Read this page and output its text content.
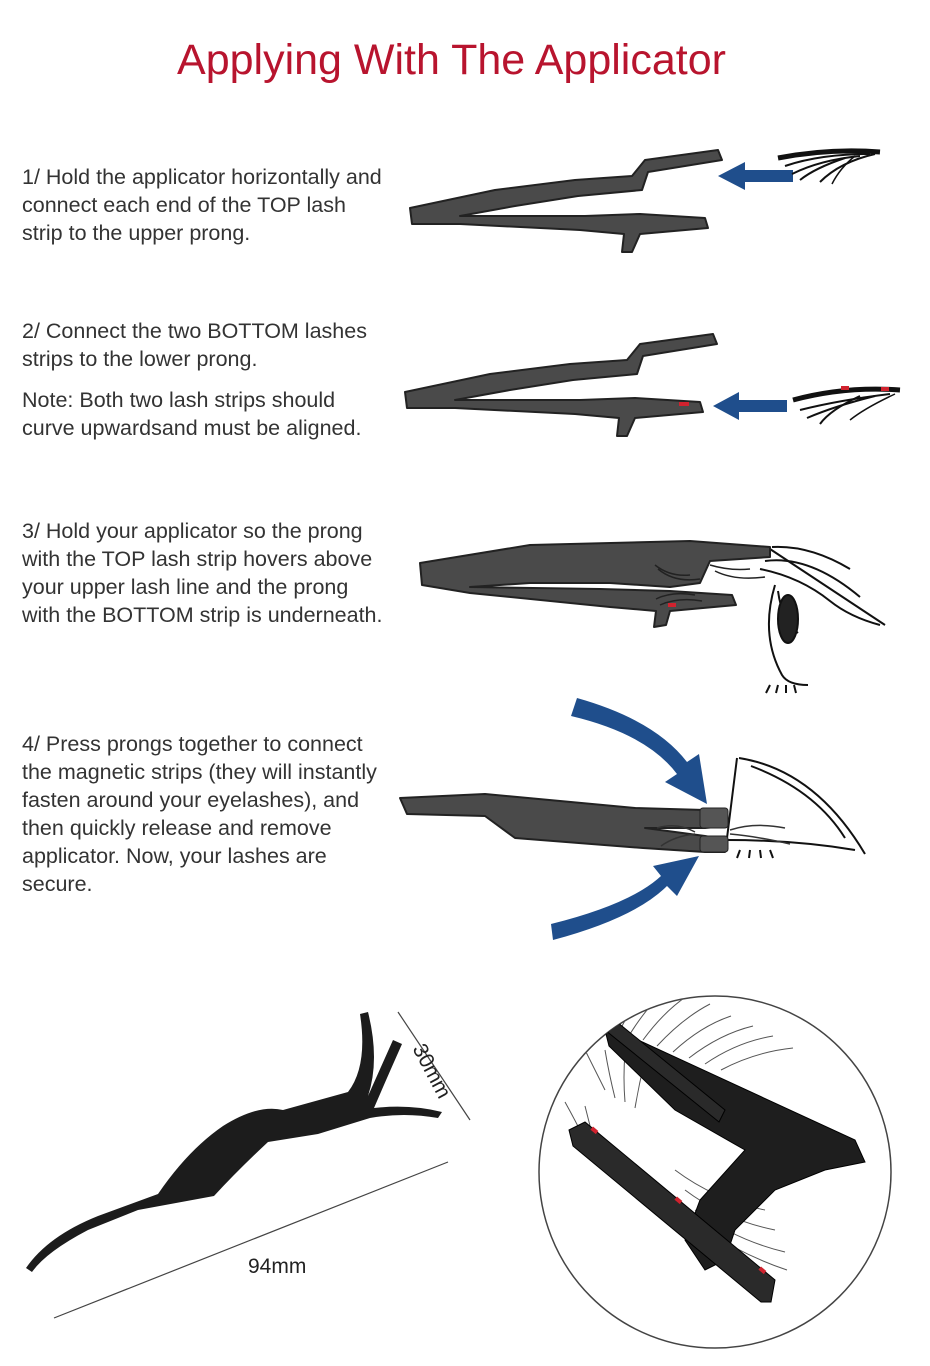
Applying With The Applicator

1/ Hold the applicator horizontally and connect each end of the TOP lash strip to the upper prong.

2/ Connect the two BOTTOM lashes strips to the lower prong.

Note: Both two lash strips should curve upwardsand must be aligned.

3/ Hold your applicator so the prong with the TOP lash strip hovers above your upper lash line and the prong with the BOTTOM strip is underneath.

4/ Press prongs together to connect the magnetic strips (they will instantly fasten around your eyelashes), and then quickly release and remove applicator. Now, your lashes are secure.

94mm
30mm
